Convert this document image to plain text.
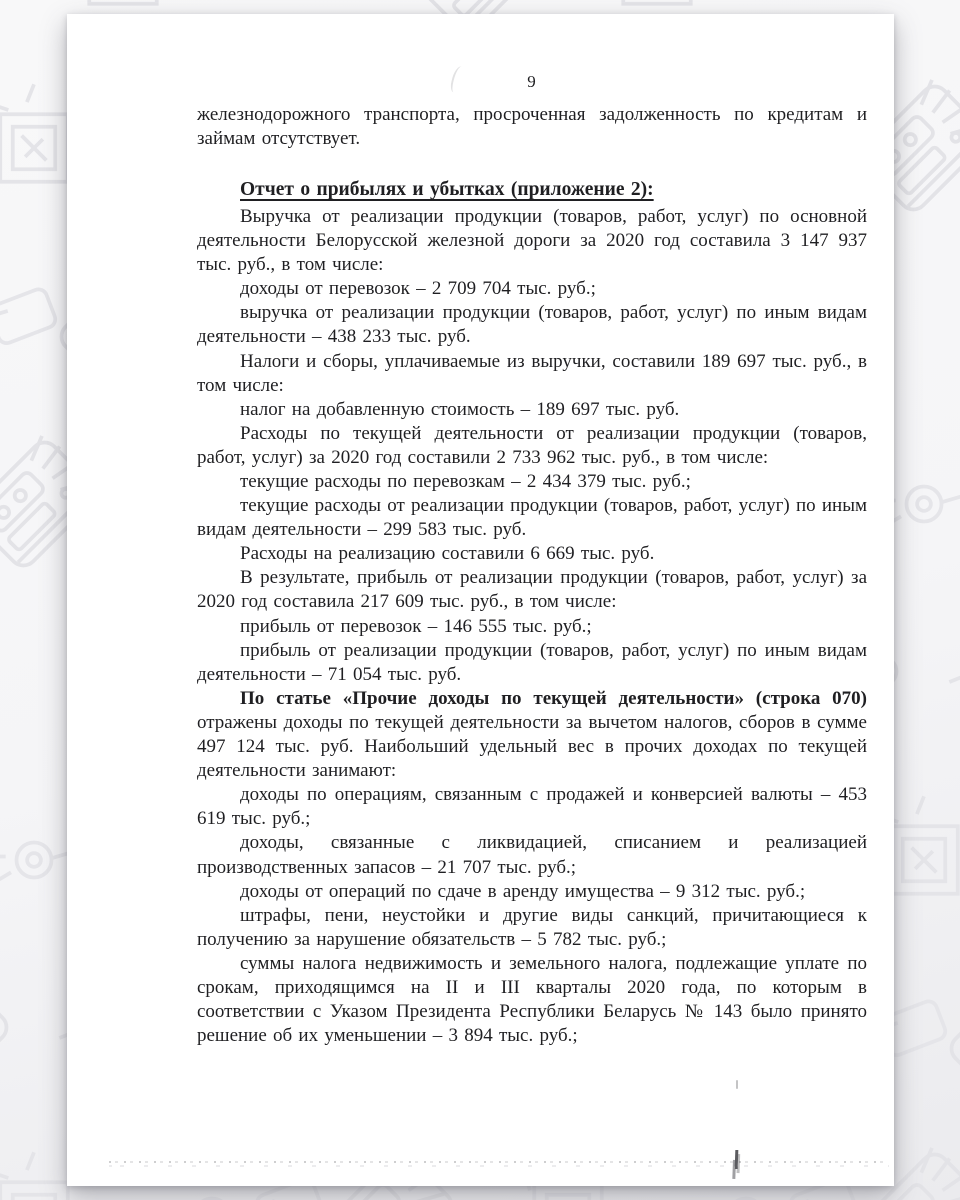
9

железнодорожного транспорта, просроченная задолженность по кредитам и займам отсутствует.

Отчет о прибылях и убытках (приложение 2):

Выручка от реализации продукции (товаров, работ, услуг) по основной деятельности Белорусской железной дороги за 2020 год составила 3 147 937 тыс. руб., в том числе:

доходы от перевозок – 2 709 704 тыс. руб.;

выручка от реализации продукции (товаров, работ, услуг) по иным видам деятельности – 438 233 тыс. руб.

Налоги и сборы, уплачиваемые из выручки, составили 189 697 тыс. руб., в том числе:

налог на добавленную стоимость – 189 697 тыс. руб.

Расходы по текущей деятельности от реализации продукции (товаров, работ, услуг) за 2020 год составили 2 733 962 тыс. руб., в том числе:

текущие расходы по перевозкам – 2 434 379 тыс. руб.;

текущие расходы от реализации продукции (товаров, работ, услуг) по иным видам деятельности – 299 583 тыс. руб.

Расходы на реализацию составили 6 669 тыс. руб.

В результате, прибыль от реализации продукции (товаров, работ, услуг) за 2020 год составила 217 609 тыс. руб., в том числе:

прибыль от перевозок – 146 555 тыс. руб.;

прибыль от реализации продукции (товаров, работ, услуг) по иным видам деятельности – 71 054 тыс. руб.

По статье «Прочие доходы по текущей деятельности» (строка 070) отражены доходы по текущей деятельности за вычетом налогов, сборов в сумме 497 124 тыс. руб. Наибольший удельный вес в прочих доходах по текущей деятельности занимают:

доходы по операциям, связанным с продажей и конверсией валюты – 453 619 тыс. руб.;

доходы, связанные с ликвидацией, списанием и реализацией производственных запасов – 21 707 тыс. руб.;

доходы от операций по сдаче в аренду имущества – 9 312 тыс. руб.;

штрафы, пени, неустойки и другие виды санкций, причитающиеся к получению за нарушение обязательств – 5 782 тыс. руб.;

суммы налога недвижимость и земельного налога, подлежащие уплате по срокам, приходящимся на II и III кварталы 2020 года, по которым в соответствии с Указом Президента Республики Беларусь № 143 было принято решение об их уменьшении – 3 894 тыс. руб.;
